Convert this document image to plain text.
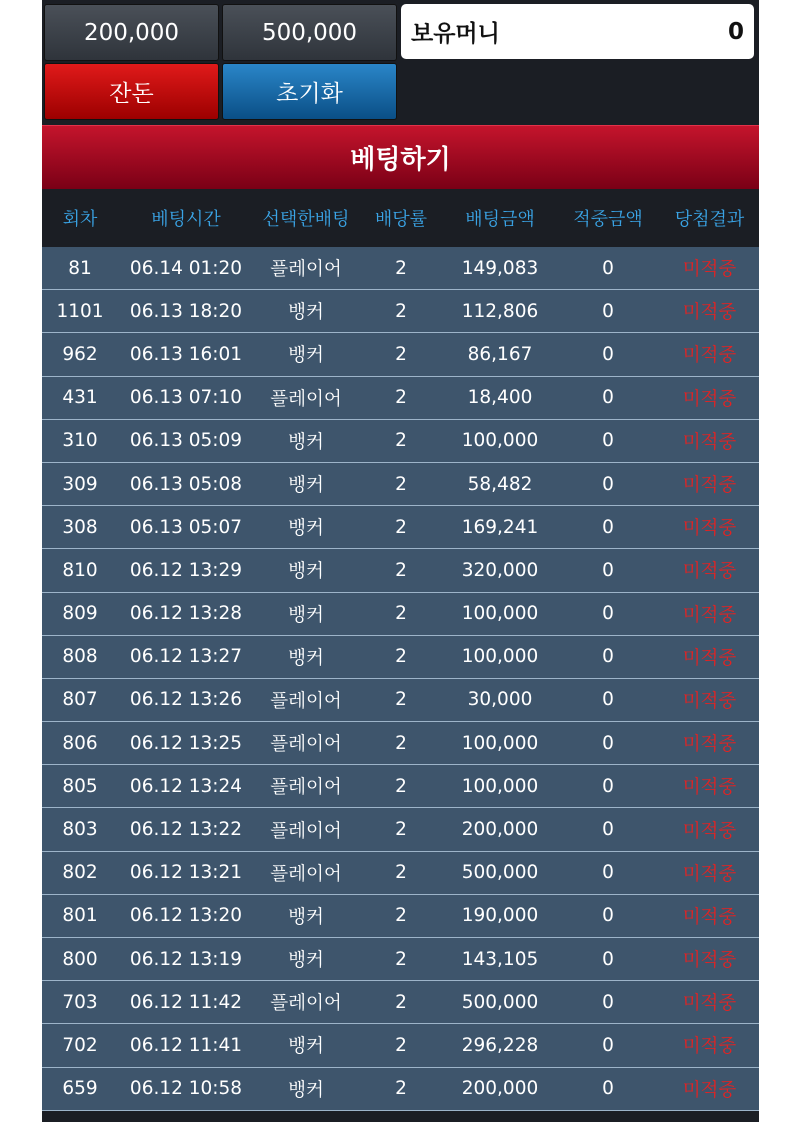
200,000	500,000	보유머니	0
잔돈	초기화
베팅하기
회차	베팅시간	선택한배팅	배당률	배팅금액	적중금액	당첨결과
81	06.14 01:20	플레이어	2	149,083	0	미적중
1101	06.13 18:20	뱅커	2	112,806	0	미적중
962	06.13 16:01	뱅커	2	86,167	0	미적중
431	06.13 07:10	플레이어	2	18,400	0	미적중
310	06.13 05:09	뱅커	2	100,000	0	미적중
309	06.13 05:08	뱅커	2	58,482	0	미적중
308	06.13 05:07	뱅커	2	169,241	0	미적중
810	06.12 13:29	뱅커	2	320,000	0	미적중
809	06.12 13:28	뱅커	2	100,000	0	미적중
808	06.12 13:27	뱅커	2	100,000	0	미적중
807	06.12 13:26	플레이어	2	30,000	0	미적중
806	06.12 13:25	플레이어	2	100,000	0	미적중
805	06.12 13:24	플레이어	2	100,000	0	미적중
803	06.12 13:22	플레이어	2	200,000	0	미적중
802	06.12 13:21	플레이어	2	500,000	0	미적중
801	06.12 13:20	뱅커	2	190,000	0	미적중
800	06.12 13:19	뱅커	2	143,105	0	미적중
703	06.12 11:42	플레이어	2	500,000	0	미적중
702	06.12 11:41	뱅커	2	296,228	0	미적중
659	06.12 10:58	뱅커	2	200,000	0	미적중
